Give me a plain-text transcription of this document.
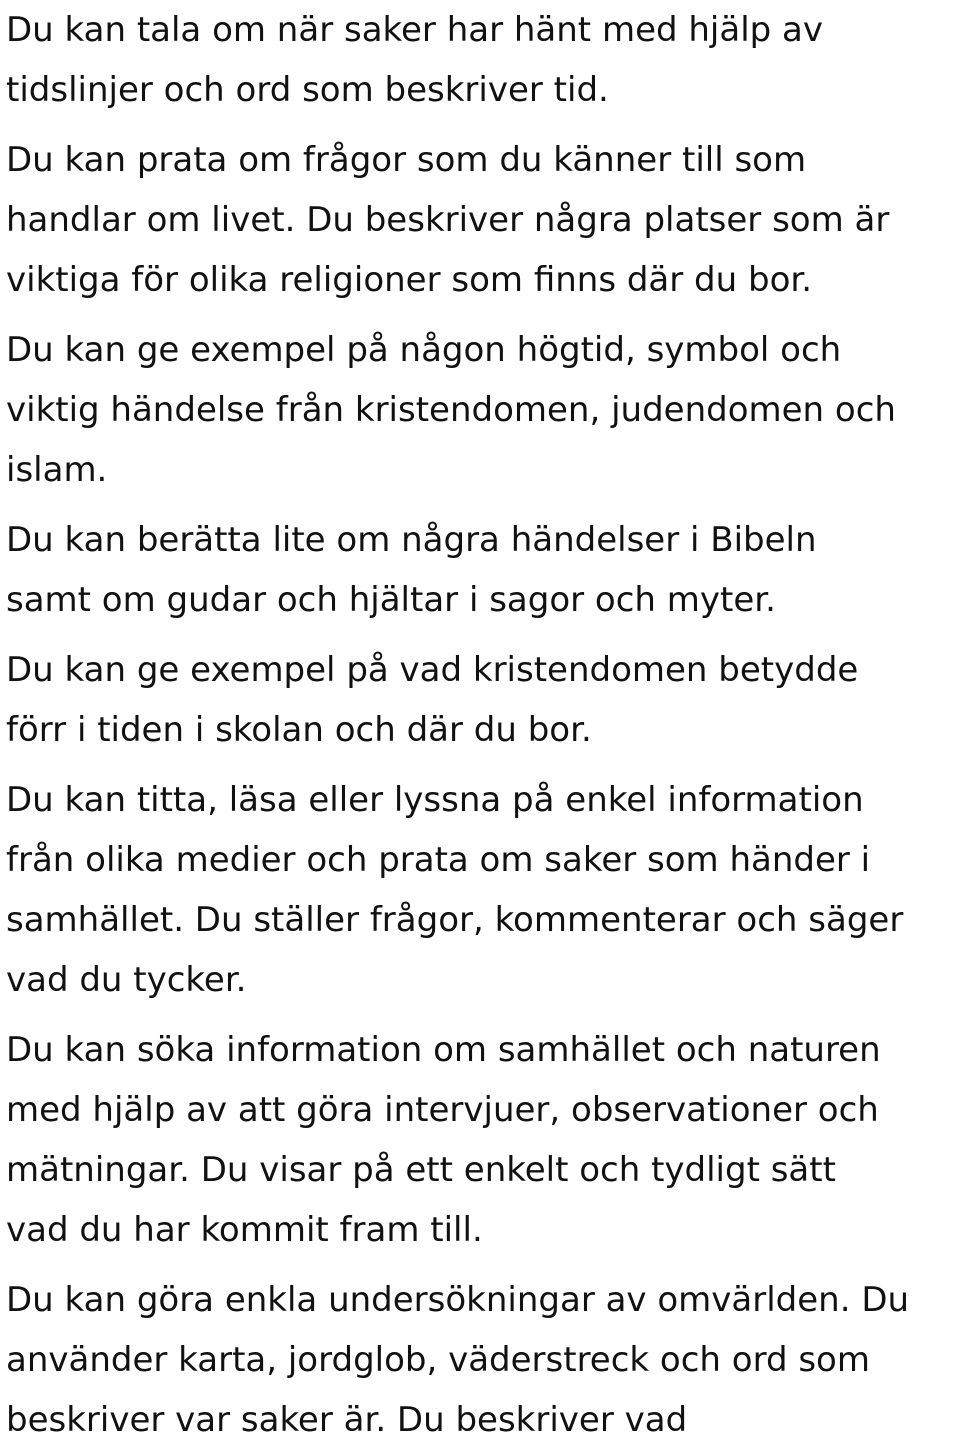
Du kan tala om när saker har hänt med hjälp av
tidslinjer och ord som beskriver tid.
Du kan prata om frågor som du känner till som
handlar om livet. Du beskriver några platser som är
viktiga för olika religioner som finns där du bor.
Du kan ge exempel på någon högtid, symbol och
viktig händelse från kristendomen, judendomen och
islam.
Du kan berätta lite om några händelser i Bibeln
samt om gudar och hjältar i sagor och myter.
Du kan ge exempel på vad kristendomen betydde
förr i tiden i skolan och där du bor.
Du kan titta, läsa eller lyssna på enkel information
från olika medier och prata om saker som händer i
samhället. Du ställer frågor, kommenterar och säger
vad du tycker.
Du kan söka information om samhället och naturen
med hjälp av att göra intervjuer, observationer och
mätningar. Du visar på ett enkelt och tydligt sätt
vad du har kommit fram till.
Du kan göra enkla undersökningar av omvärlden. Du
använder karta, jordglob, väderstreck och ord som
beskriver var saker är. Du beskriver vad
